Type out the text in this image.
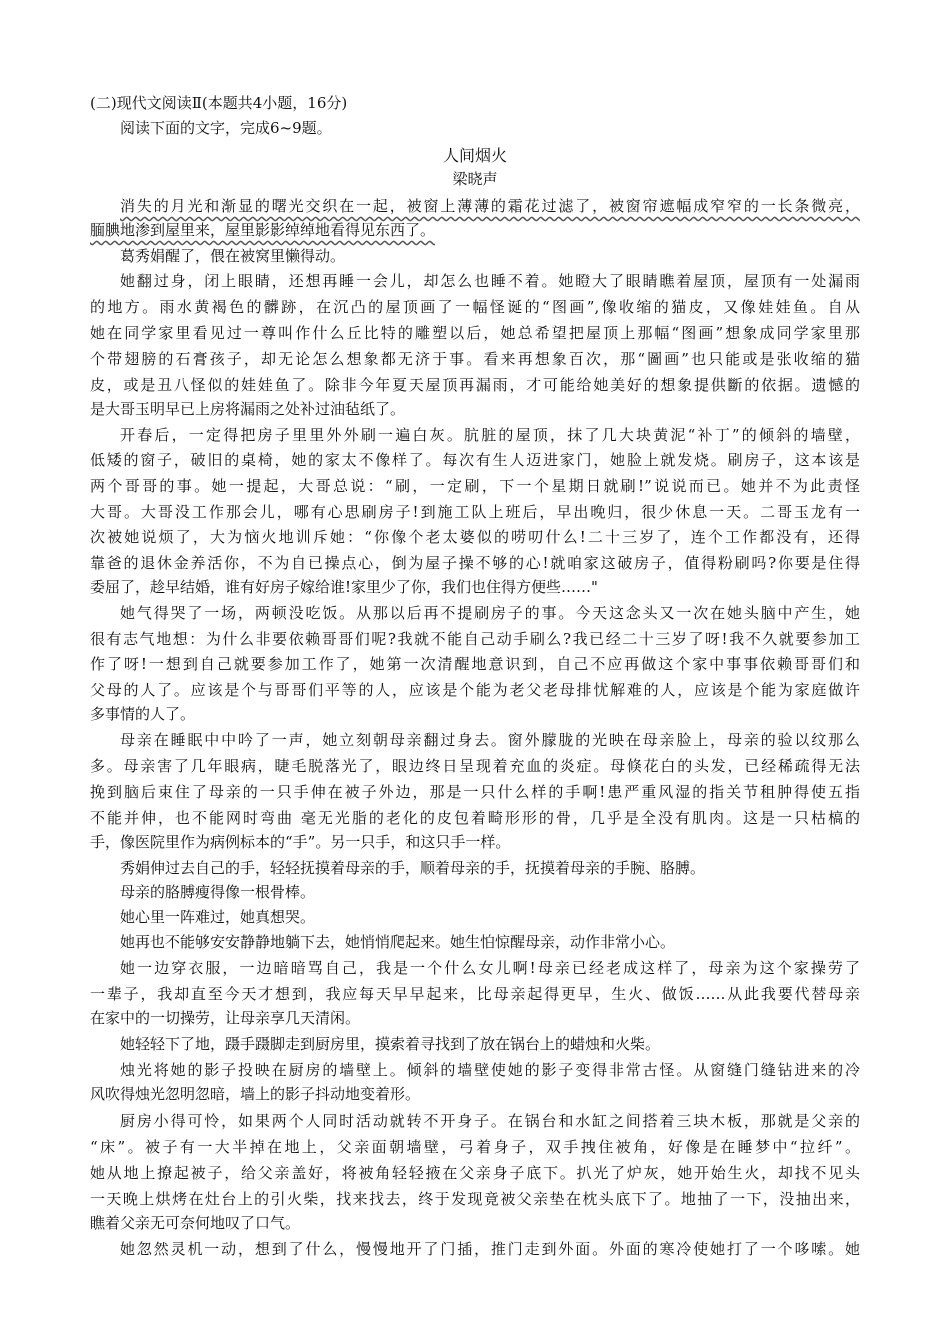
(二)现代文阅读Ⅱ(本题共4小题，16分)
阅读下面的文字，完成6~9题。
人间烟火
梁晓声
消失的月光和渐显的曙光交织在一起，被窗上薄薄的霜花过滤了，被窗帘遮幅成窄窄的一长条微亮，
腼腆地渗到屋里来，屋里影影绰绰地看得见东西了。
葛秀娟醒了，偎在被窝里懒得动。
她翻过身，闭上眼睛，还想再睡一会儿，却怎么也睡不着。她瞪大了眼睛瞧着屋顶，屋顶有一处漏雨
的地方。雨水黄褐色的髒跡，在沉凸的屋顶画了一幅怪诞的“图画”,像收缩的猫皮，又像娃娃鱼。自从
她在同学家里看见过一尊叫作什么丘比特的雕塑以后，她总希望把屋顶上那幅“图画”想象成同学家里那
个带翅膀的石膏孩子，却无论怎么想象都无济于事。看来再想象百次，那“圖画”也只能或是张收缩的猫
皮，或是丑八怪似的娃娃鱼了。除非今年夏天屋顶再漏雨，才可能给她美好的想象提供斷的依据。遗憾的
是大哥玉明早已上房将漏雨之处补过油毡纸了。
开春后，一定得把房子里里外外刷一遍白灰。肮脏的屋顶，抹了几大块黄泥“补丁”的倾斜的墙壁，
低矮的窗子，破旧的桌椅，她的家太不像样了。每次有生人迈进家门，她脸上就发烧。刷房子，这本该是
两个哥哥的事。她一提起，大哥总说：“刷，一定刷，下一个星期日就刷!”说说而已。她并不为此责怪
大哥。大哥没工作那会儿，哪有心思刷房子!到施工队上班后，早出晚归，很少休息一天。二哥玉龙有一
次被她说烦了，大为恼火地训斥她：“你像个老太婆似的唠叨什么!二十三岁了，连个工作都没有，还得
靠爸的退休金养活你，不为自已操点心，倒为屋子操不够的心!就咱家这破房子，值得粉刷吗?你要是住得
委屈了，趁早结婚，谁有好房子嫁给谁!家里少了你，我们也住得方便些……"
她气得哭了一场，两顿没吃饭。从那以后再不提刷房子的事。今天这念头又一次在她头脑中产生，她
很有志气地想：为什么非要依赖哥哥们呢?我就不能自己动手刷么?我已经二十三岁了呀!我不久就要参加工
作了呀!一想到自己就要参加工作了，她第一次清醒地意识到，自己不应再做这个家中事事依赖哥哥们和
父母的人了。应该是个与哥哥们平等的人，应该是个能为老父老母排忧解难的人，应该是个能为家庭做许
多事情的人了。
母亲在睡眠中中吟了一声，她立刻朝母亲翻过身去。窗外朦胧的光映在母亲脸上，母亲的验以纹那么
多。母亲害了几年眼病，睫毛脱落光了，眼边终日呈现着充血的炎症。母倏花白的头发，已经稀疏得无法
挽到脑后束住了母亲的一只手伸在被子外边，那是一只什么样的手啊!患严重风湿的指关节租肿得使五指
不能并伸，也不能网时弯曲 毫无光脂的老化的皮包着畸形形的骨，几乎是全没有肌肉。这是一只枯槁的
手，像医院里作为病例标本的“手”。另一只手，和这只手一样。
秀娟伸过去自己的手，轻轻抚摸着母亲的手，顺着母亲的手，抚摸着母亲的手腕、胳膊。
母亲的胳膊瘦得像一根骨棒。
她心里一阵难过，她真想哭。
她再也不能够安安静静地躺下去，她悄悄爬起来。她生怕惊醒母亲，动作非常小心。
她一边穿衣服，一边暗暗骂自己，我是一个什么女儿啊!母亲已经老成这样了，母亲为这个家操劳了
一辈子，我却直至今天才想到，我应每天早早起来，比母亲起得更早，生火、做饭……从此我要代替母亲
在家中的一切操劳，让母亲享几天清闲。
她轻轻下了地，蹑手蹑脚走到厨房里，摸索着寻找到了放在锅台上的蜡烛和火柴。
烛光将她的影子投映在厨房的墙壁上。倾斜的墙壁使她的影子变得非常古怪。从窗缝门缝钻进来的冷
风吹得烛光忽明忽暗，墙上的影子抖动地变着形。
厨房小得可怜，如果两个人同时活动就转不开身子。在锅台和水缸之间搭着三块木板，那就是父亲的
“床”。被子有一大半掉在地上，父亲面朝墙壁，弓着身子，双手拽住被角，好像是在睡梦中“拉纤”。
她从地上撩起被子，给父亲盖好，将被角轻轻掖在父亲身子底下。扒光了炉灰，她开始生火，却找不见头
一天晚上烘烤在灶台上的引火柴，找来找去，终于发现竟被父亲垫在枕头底下了。地抽了一下，没抽出来，
瞧着父亲无可奈何地叹了口气。
她忽然灵机一动，想到了什么，慢慢地开了门插，推门走到外面。外面的寒冷使她打了一个哆嗦。她
